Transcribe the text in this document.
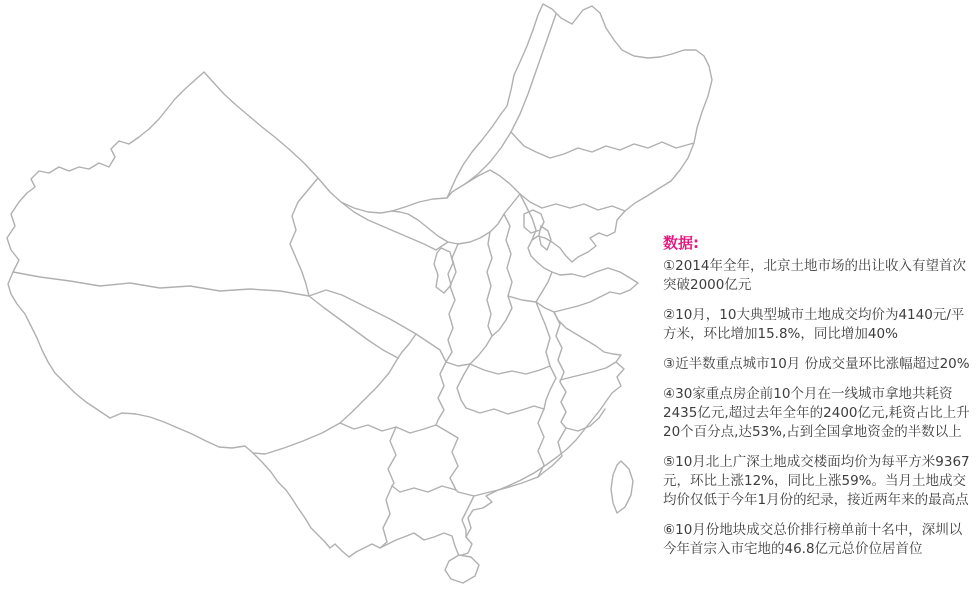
数据:

①2014年全年，北京土地市场的出让收入有望首次突破2000亿元

②10月，10大典型城市土地成交均价为4140元/平方米，环比增加15.8%，同比增加40%

③近半数重点城市10月 份成交量环比涨幅超过20%

④30家重点房企前10个月在一线城市拿地共耗资2435亿元,超过去年全年的2400亿元,耗资占比上升20个百分点,达53%,占到全国拿地资金的半数以上

⑤10月北上广深土地成交楼面均价为每平方米9367元，环比上涨12%，同比上涨59%。当月土地成交均价仅低于今年1月份的纪录，接近两年来的最高点

⑥10月份地块成交总价排行榜单前十名中，深圳以今年首宗入市宅地的46.8亿元总价位居首位
